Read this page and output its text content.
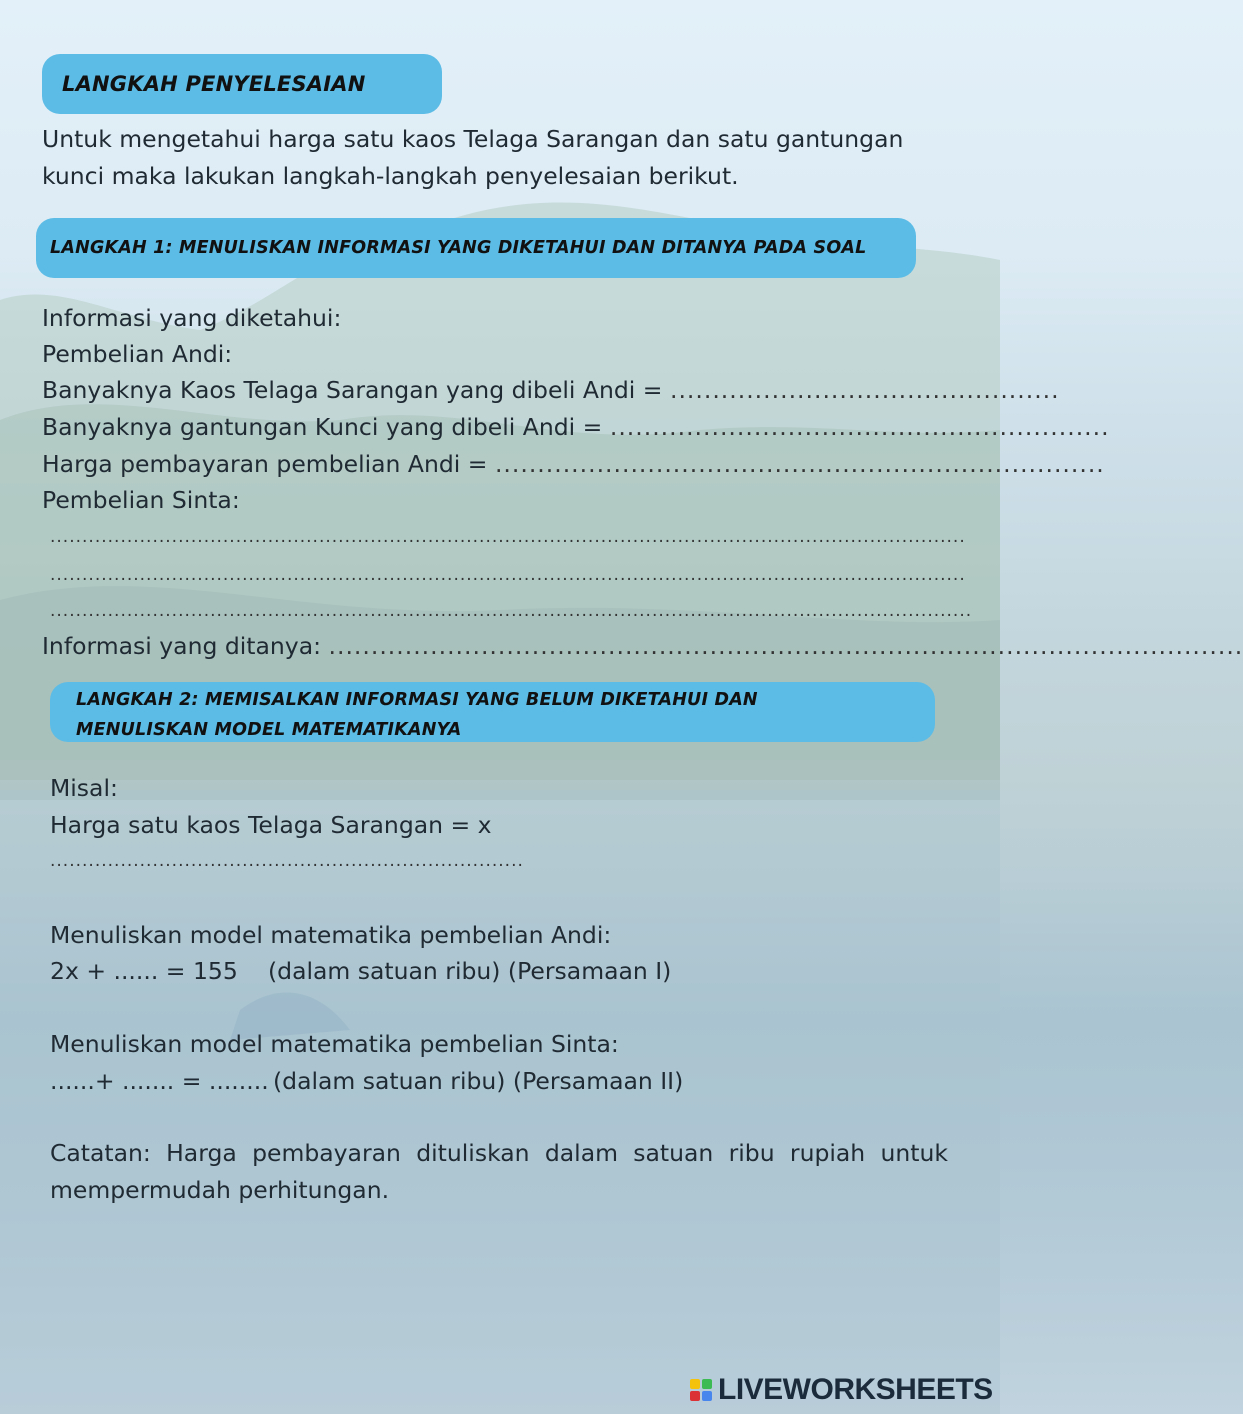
LANGKAH PENYELESAIAN
Untuk mengetahui harga satu kaos Telaga Sarangan dan satu gantungan kunci maka lakukan langkah-langkah penyelesaian berikut.
LANGKAH 1: MENULISKAN INFORMASI YANG DIKETAHUI DAN DITANYA PADA SOAL
Informasi yang diketahui:
Pembelian Andi:
Banyaknya Kaos Telaga Sarangan yang dibeli Andi = ..............................................
Banyaknya gantungan Kunci yang dibeli Andi = ...........................................................
Harga pembayaran pembelian Andi = ........................................................................
Pembelian Sinta:
...............................................................................................................................................
...............................................................................................................................................
................................................................................................................................................
Informasi yang ditanya: ............................................................................................................
LANGKAH 2: MEMISALKAN INFORMASI YANG BELUM DIKETAHUI DAN
MENULISKAN MODEL MATEMATIKANYA
Misal:
Harga satu kaos Telaga Sarangan = x
..........................................................................
Menuliskan model matematika pembelian Andi:
2x + ...... = 155 (dalam satuan ribu) (Persamaan I)
Menuliskan model matematika pembelian Sinta:
......+ ....... = ........ (dalam satuan ribu) (Persamaan II)
Catatan: Harga pembayaran dituliskan dalam satuan ribu rupiah untuk mempermudah perhitungan.
LIVEWORKSHEETS
